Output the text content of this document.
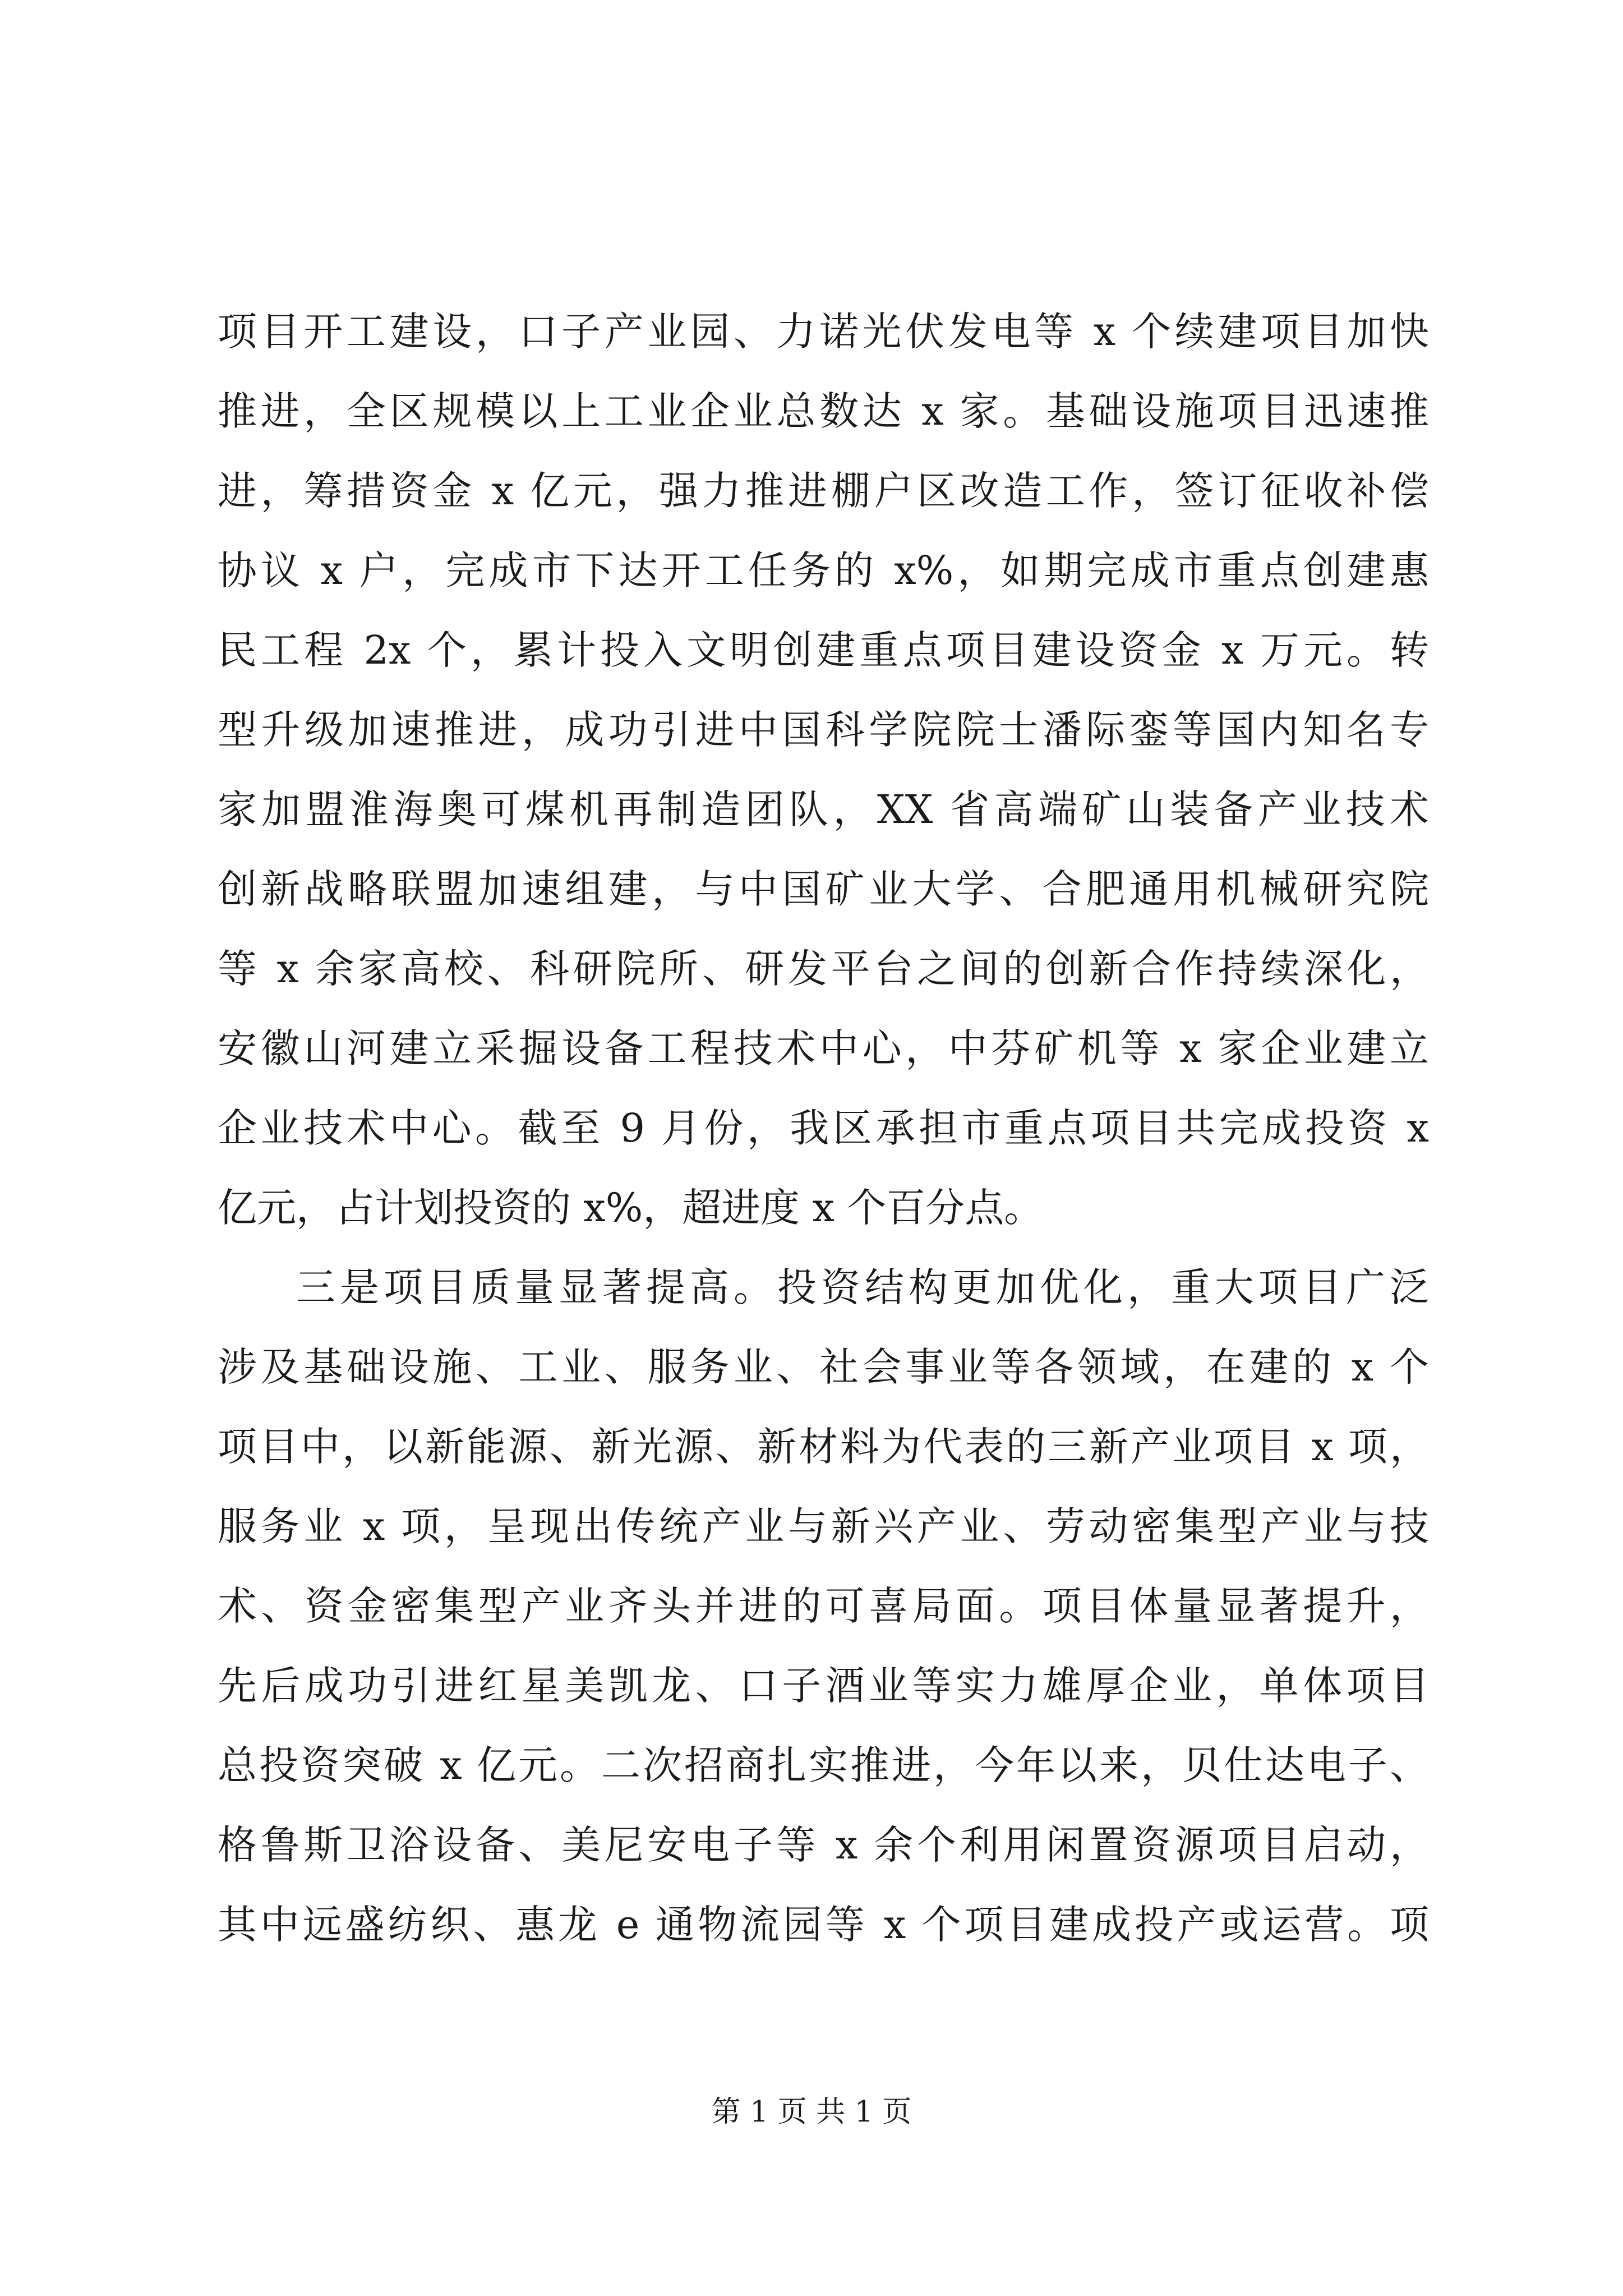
项目开工建设，口子产业园、力诺光伏发电等 x 个续建项目加快
推进，全区规模以上工业企业总数达 x 家。基础设施项目迅速推
进，筹措资金 x 亿元，强力推进棚户区改造工作，签订征收补偿
协议 x 户，完成市下达开工任务的 x%，如期完成市重点创建惠
民工程 2x 个，累计投入文明创建重点项目建设资金 x 万元。转
型升级加速推进，成功引进中国科学院院士潘际銮等国内知名专
家加盟淮海奥可煤机再制造团队，XX 省高端矿山装备产业技术
创新战略联盟加速组建，与中国矿业大学、合肥通用机械研究院
等 x 余家高校、科研院所、研发平台之间的创新合作持续深化，
安徽山河建立采掘设备工程技术中心，中芬矿机等 x 家企业建立
企业技术中心。截至 9 月份，我区承担市重点项目共完成投资 x
亿元，占计划投资的 x%，超进度 x 个百分点。
三是项目质量显著提高。投资结构更加优化，重大项目广泛
涉及基础设施、工业、服务业、社会事业等各领域，在建的 x 个
项目中，以新能源、新光源、新材料为代表的三新产业项目 x 项，
服务业 x 项，呈现出传统产业与新兴产业、劳动密集型产业与技
术、资金密集型产业齐头并进的可喜局面。项目体量显著提升，
先后成功引进红星美凯龙、口子酒业等实力雄厚企业，单体项目
总投资突破 x 亿元。二次招商扎实推进，今年以来，贝仕达电子、
格鲁斯卫浴设备、美尼安电子等 x 余个利用闲置资源项目启动，
其中远盛纺织、惠龙 e 通物流园等 x 个项目建成投产或运营。项
第 1 页 共 1 页
